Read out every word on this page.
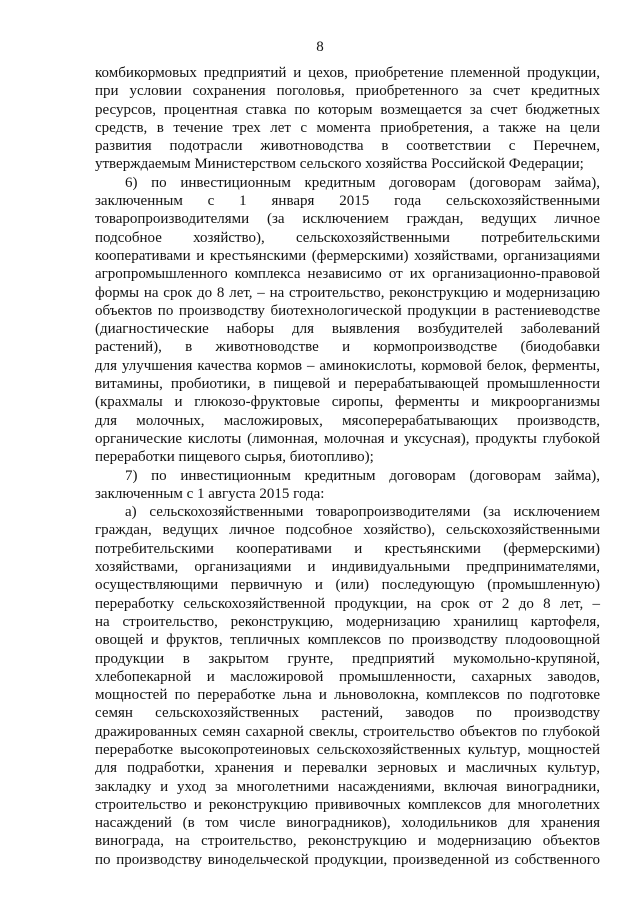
8
комбикормовых предприятий и цехов, приобретение племенной продукции,
при условии сохранения поголовья, приобретенного за счет кредитных
ресурсов, процентная ставка по которым возмещается за счет бюджетных
средств, в течение трех лет с момента приобретения, а также на цели
развития подотрасли животноводства в соответствии с Перечнем,
утверждаемым Министерством сельского хозяйства Российской Федерации;
6) по инвестиционным кредитным договорам (договорам займа),
заключенным с 1 января 2015 года сельскохозяйственными
товаропроизводителями (за исключением граждан, ведущих личное
подсобное хозяйство), сельскохозяйственными потребительскими
кооперативами и крестьянскими (фермерскими) хозяйствами, организациями
агропромышленного комплекса независимо от их организационно-правовой
формы на срок до 8 лет, – на строительство, реконструкцию и модернизацию
объектов по производству биотехнологической продукции в растениеводстве
(диагностические наборы для выявления возбудителей заболеваний
растений), в животноводстве и кормопроизводстве (биодобавки
для улучшения качества кормов – аминокислоты, кормовой белок, ферменты,
витамины, пробиотики, в пищевой и перерабатывающей промышленности
(крахмалы и глюкозо-фруктовые сиропы, ферменты и микроорганизмы
для молочных, масложировых, мясоперерабатывающих производств,
органические кислоты (лимонная, молочная и уксусная), продукты глубокой
переработки пищевого сырья, биотопливо);
7) по инвестиционным кредитным договорам (договорам займа),
заключенным с 1 августа 2015 года:
а) сельскохозяйственными товаропроизводителями (за исключением
граждан, ведущих личное подсобное хозяйство), сельскохозяйственными
потребительскими кооперативами и крестьянскими (фермерскими)
хозяйствами, организациями и индивидуальными предпринимателями,
осуществляющими первичную и (или) последующую (промышленную)
переработку сельскохозяйственной продукции, на срок от 2 до 8 лет, –
на строительство, реконструкцию, модернизацию хранилищ картофеля,
овощей и фруктов, тепличных комплексов по производству плодоовощной
продукции в закрытом грунте, предприятий мукомольно-крупяной,
хлебопекарной и масложировой промышленности, сахарных заводов,
мощностей по переработке льна и льноволокна, комплексов по подготовке
семян сельскохозяйственных растений, заводов по производству
дражированных семян сахарной свеклы, строительство объектов по глубокой
переработке высокопротеиновых сельскохозяйственных культур, мощностей
для подработки, хранения и перевалки зерновых и масличных культур,
закладку и уход за многолетними насаждениями, включая виноградники,
строительство и реконструкцию прививочных комплексов для многолетних
насаждений (в том числе виноградников), холодильников для хранения
винограда, на строительство, реконструкцию и модернизацию объектов
по производству винодельческой продукции, произведенной из собственного
